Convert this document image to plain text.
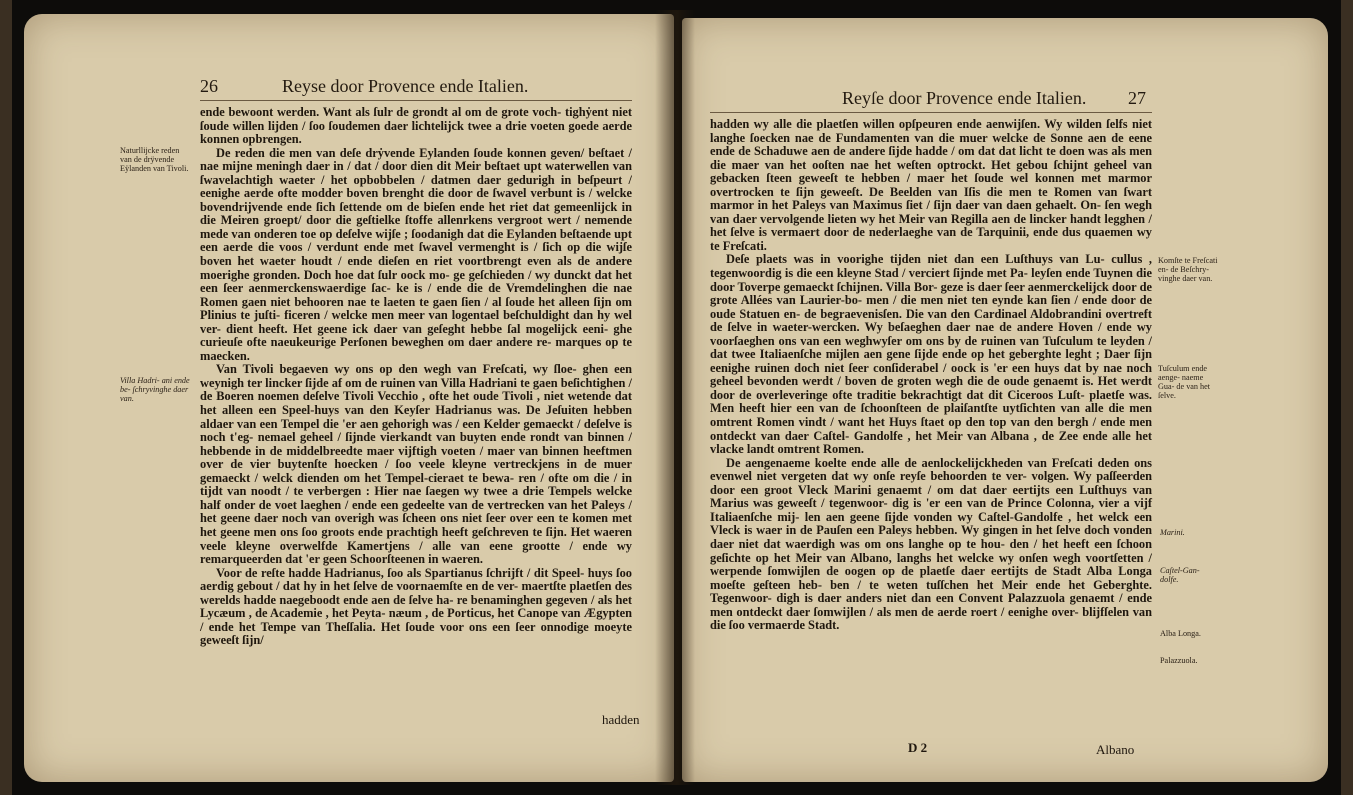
26	Reyse door Provence ende Italien.
Naturllijcke reden van de drÿvende Eÿlanden van Tivoli.
Villa Hadri- ani ende be- ſchryvinghe daer van.

ende bewoont werden. Want als ſulr de grondt al om de grote voch- tighẏent niet ſoude willen lijden / ſoo ſoudemen daer lichtelijck twee a drie voeten goede aerde konnen opbrengen.

De reden die men van deſe drẏvende Eylanden ſoude konnen geven/ beſtaet / nae mijne meningh daer in / dat / door dien dit Meir beſtaet upt waterwellen van ſwavelachtigh waeter / het opbobbelen / datmen daer gedurigh in beſpeurt / eenighe aerde ofte modder boven brenght die door de ſwavel verbunt is / welcke bovendrijvende ende ſich ſettende om de bieſen ende het riet dat gemeenlijck in die Meiren groept/ door die geſtielke ſtoffe allenrkens vergroot wert / nemende mede van onderen toe op deſelve wijſe ; ſoodanigh dat die Eylanden beſtaende upt een aerde die voos / verdunt ende met ſwavel vermenght is / ſich op die wijſe boven het waeter houdt / ende dieſen en riet voortbrengt even als de andere moerighe gronden. Doch hoe dat ſulr oock mo- ge geſchieden / wy dunckt dat het een ſeer aenmerckenswaerdige ſac- ke is / ende die de Vremdelinghen die nae Romen gaen niet behooren nae te laeten te gaen ſien / al ſoude het alleen ſijn om Plinius te juſti- ficeren / welcke men meer van logentael beſchuldight dan hy wel ver- dient heeft. Het geene ick daer van geſeght hebbe ſal mogelijck eeni- ghe curieuſe ofte naeukeurige Perſonen beweghen om daer andere re- marques op te maecken.

Van Tivoli begaeven wy ons op den wegh van Freſcati, wy ſloe- ghen een weynigh ter lincker ſijde af om de ruinen van Villa Hadriani te gaen beſichtighen / de Boeren noemen deſelve Tivoli Vecchio , ofte het oude Tivoli , niet wetende dat het alleen een Speel-huys van den Keyſer Hadrianus was. De Jeſuiten hebben aldaer van een Tempel die 'er aen gehorigh was / een Kelder gemaeckt / deſelve is noch t'eg- nemael geheel / ſijnde vierkandt van buyten ende rondt van binnen / hebbende in de middelbreedte maer vijftigh voeten / maer van binnen heeftmen over de vier buytenſte hoecken / ſoo veele kleyne vertreckjens in de muer gemaeckt / welck dienden om het Tempel-cieraet te bewa- ren / ofte om die / in tijdt van noodt / te verbergen : Hier nae ſaegen wy twee a drie Tempels welcke half onder de voet laeghen / ende een gedeelte van de vertrecken van het Paleys / het geene daer noch van overigh was ſcheen ons niet ſeer over een te komen met het geene men ons ſoo groots ende prachtigh heeft geſchreven te ſijn. Het waeren veele kleyne overwelfde Kamertjens / alle van eene grootte / ende wy remarqueerden dat 'er geen Schoorſteenen in waeren.

Voor de reſte hadde Hadrianus, ſoo als Spartianus ſchrijft / dit Speel- huys ſoo aerdig gebout / dat hy in het ſelve de voornaemſte en de ver- maertſte plaetſen des werelds hadde naegeboodt ende aen de ſelve ha- re benaminghen gegeven / als het Lycæum , de Academie , het Peyta- næum , de Porticus, het Canope van Ægypten / ende het Tempe van Theſſalia. Het ſoude voor ons een ſeer onnodige moeyte geweeſt ſijn/

hadden
Reyſe door Provence ende Italien. 27

hadden wy alle die plaetſen willen opſpeuren ende aenwijſen. Wy wilden ſelfs niet langhe ſoecken nae de Fundamenten van die muer welcke de Sonne aen de eene ende de Schaduwe aen de andere ſijde hadde / om dat dat licht te doen was als men die maer van het ooſten nae het weſten optrockt. Het gebou ſchijnt geheel van gebacken ſteen geweeſt te hebben / maer het ſoude wel konnen met marmor overtrocken te ſijn geweeſt. De Beelden van Iſis die men te Romen van ſwart marmor in het Paleys van Maximus ſiet / ſijn daer van daen gehaelt. On- ſen wegh van daer vervolgende lieten wy het Meir van Regilla aen de lincker handt legghen / het ſelve is vermaert door de nederlaeghe van de Tarquinii, ende dus quaemen wy te Freſcati.

Deſe plaets was in voorighe tijden niet dan een Luſthuys van Lu- cullus , tegenwoordig is die een kleyne Stad / verciert ſijnde met Pa- leyſen ende Tuynen die door Toverpe gemaeckt ſchijnen. Villa Bor- geze is daer ſeer aenmerckelijck door de grote Allées van Laurier-bo- men / die men niet ten eynde kan ſien / ende door de oude Statuen en- de begraevenisſen. Die van den Cardinael Aldobrandini overtreft de ſelve in waeter-wercken. Wy beſaeghen daer nae de andere Hoven / ende wy voorſaeghen ons van een weghwyſer om ons by de ruinen van Tuſculum te leyden / dat twee Italiaenſche mijlen aen gene ſijde ende op het geberghte leght ; Daer ſijn eenighe ruinen doch niet ſeer conſiderabel / oock is 'er een huys dat by nae noch geheel bevonden werdt / boven de groten wegh die de oude genaemt is. Het werdt door de overleveringe ofte traditie bekrachtigt dat dit Ciceroos Luſt- plaetſe was. Men heeft hier een van de ſchoonſteen de plaiſantſte uytſichten van alle die men omtrent Romen vindt / want het Huys ſtaet op den top van den bergh / ende men ontdeckt van daer Caſtel- Gandolfe , het Meir van Albana , de Zee ende alle het vlacke landt omtrent Romen.

De aengenaeme koelte ende alle de aenlockelijckheden van Freſcati deden ons evenwel niet vergeten dat wy onſe reyſe behoorden te ver- volgen. Wy paſſeerden door een groot Vleck Marini genaemt / om dat daer eertijts een Luſthuys van Marius was geweeſt / tegenwoor- dig is 'er een van de Prince Colonna, vier a vijf Italiaenſche mij- len aen geene ſijde vonden wy Caſtel-Gandolfe , het welck een Vleck is waer in de Pauſen een Paleys hebben. Wy gingen in het ſelve doch vonden daer niet dat waerdigh was om ons langhe op te hou- den / het heeft een ſchoon geſichte op het Meir van Albano, langhs het welcke wy onſen wegh voortſetten / werpende ſomwijlen de oogen op de plaetſe daer eertijts de Stadt Alba Longa moeſte geſteen heb- ben / te weten tuſſchen het Meir ende het Geberghte. Tegenwoor- digh is daer anders niet dan een Convent Palazzuola genaemt / ende men ontdeckt daer ſomwijlen / als men de aerde roert / eenighe over- blijfſelen van die ſoo vermaerde Stadt.

Komſte te Freſcati en- de Beſchry- vinghe daer van.
Tuſculum ende aenge- naeme Gua- de van het ſelve.
Marini.
Caſtel-Gan- dolfe.
Alba Longa.
Palazzuola.
D 2	Albano
